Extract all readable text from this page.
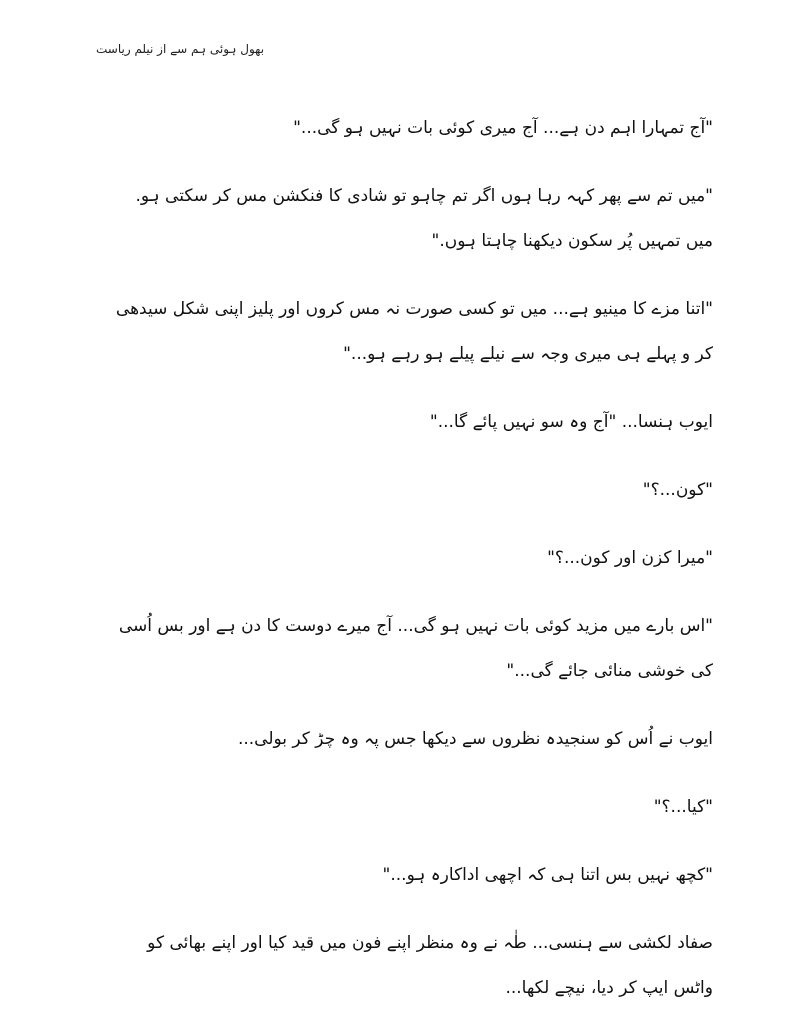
بھول ہوئی ہم سے از نیلم ریاست

"آج تمہارا اہم دن ہے... آج میری کوئی بات نہیں ہو گی..."

"میں تم سے پھر کہہ رہا ہوں اگر تم چاہو تو شادی کا فنکشن مس کر سکتی ہو. میں تمہیں پُر سکون دیکھنا چاہتا ہوں."

"اتنا مزے کا مینیو ہے... میں تو کسی صورت نہ مس کروں اور پلیز اپنی شکل سیدھی کر و پہلے ہی میری وجہ سے نیلے پیلے ہو رہے ہو..."

ایوب ہنسا... "آج وہ سو نہیں پائے گا..."

"کون...؟"

"میرا کزن اور کون...؟"

"اس بارے میں مزید کوئی بات نہیں ہو گی... آج میرے دوست کا دن ہے اور بس اُسی کی خوشی منائی جائے گی..."

ایوب نے اُس کو سنجیدہ نظروں سے دیکھا جس پہ وہ چڑ کر بولی...

"کیا...؟"

"کچھ نہیں بس اتنا ہی کہ اچھی اداکارہ ہو..."

صفاد لکشی سے ہنسی... طٰہ نے وہ منظر اپنے فون میں قید کیا اور اپنے بھائی کو واٹس ایپ کر دیا، نیچے لکھا...
